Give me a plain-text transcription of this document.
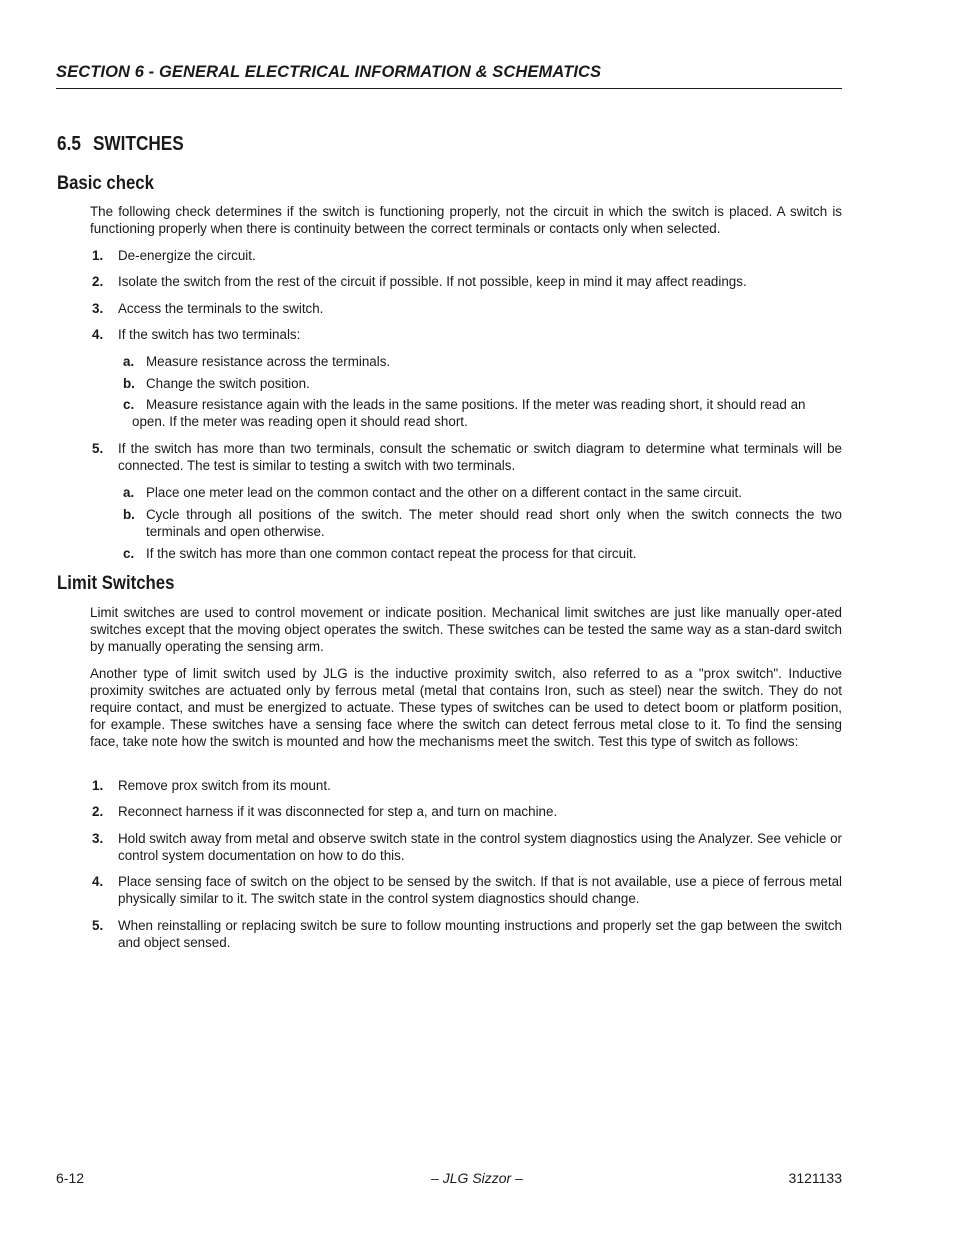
SECTION 6 - GENERAL ELECTRICAL INFORMATION & SCHEMATICS
6.5 SWITCHES
Basic check

The following check determines if the switch is functioning properly, not the circuit in which the switch is placed. A switch is functioning properly when there is continuity between the correct terminals or contacts only when selected.

1. De-energize the circuit.
2. Isolate the switch from the rest of the circuit if possible. If not possible, keep in mind it may affect readings.
3. Access the terminals to the switch.
4. If the switch has two terminals:
a. Measure resistance across the terminals.
b. Change the switch position.
c. Measure resistance again with the leads in the same positions. If the meter was reading short, it should read an
open. If the meter was reading open it should read short.
5. If the switch has more than two terminals, consult the schematic or switch diagram to determine what terminals will be connected. The test is similar to testing a switch with two terminals.
a. Place one meter lead on the common contact and the other on a different contact in the same circuit.
b. Cycle through all positions of the switch. The meter should read short only when the switch connects the two terminals and open otherwise.
c. If the switch has more than one common contact repeat the process for that circuit.
Limit Switches

Limit switches are used to control movement or indicate position. Mechanical limit switches are just like manually oper-ated switches except that the moving object operates the switch. These switches can be tested the same way as a stan-dard switch by manually operating the sensing arm.

Another type of limit switch used by JLG is the inductive proximity switch, also referred to as a "prox switch". Inductive proximity switches are actuated only by ferrous metal (metal that contains Iron, such as steel) near the switch. They do not require contact, and must be energized to actuate. These types of switches can be used to detect boom or platform position, for example. These switches have a sensing face where the switch can detect ferrous metal close to it. To find the sensing face, take note how the switch is mounted and how the mechanisms meet the switch. Test this type of switch as follows:

1. Remove prox switch from its mount.
2. Reconnect harness if it was disconnected for step a, and turn on machine.
3. Hold switch away from metal and observe switch state in the control system diagnostics using the Analyzer. See vehicle or control system documentation on how to do this.
4. Place sensing face of switch on the object to be sensed by the switch. If that is not available, use a piece of ferrous metal physically similar to it. The switch state in the control system diagnostics should change.
5. When reinstalling or replacing switch be sure to follow mounting instructions and properly set the gap between the switch and object sensed.
6-12	– JLG Sizzor –	3121133
